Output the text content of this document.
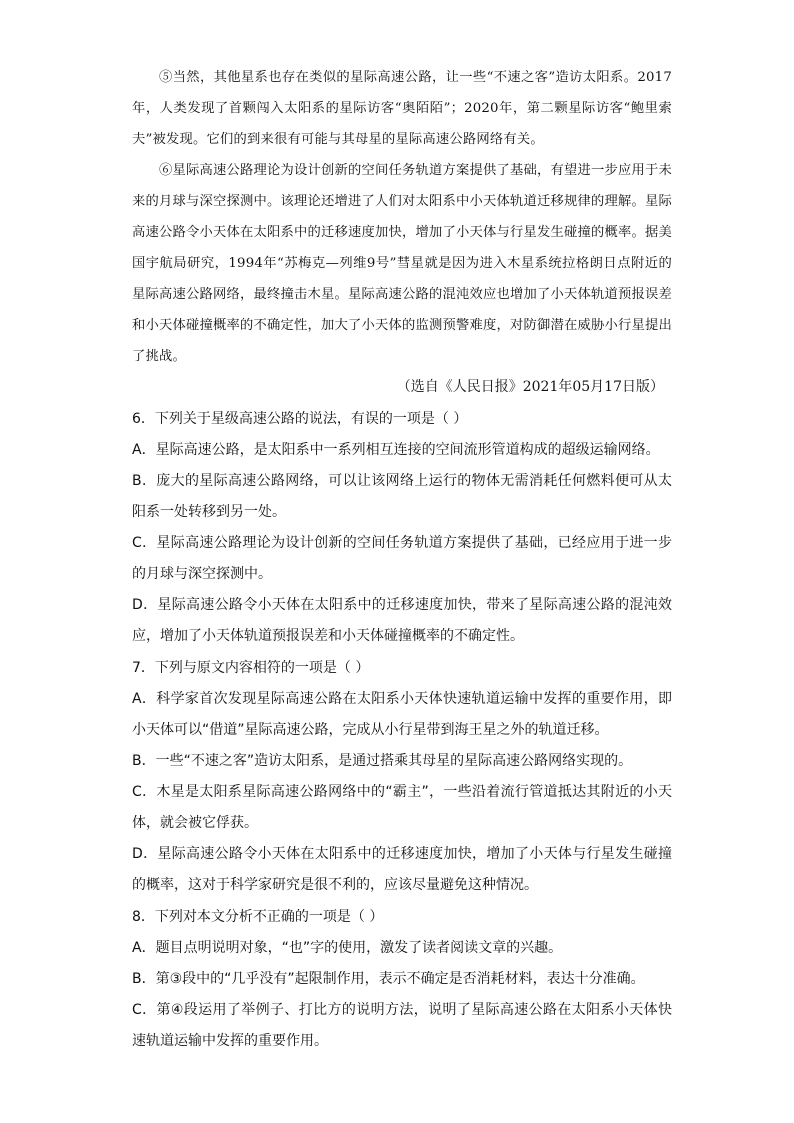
⑤当然，其他星系也存在类似的星际高速公路，让一些“不速之客”造访太阳系。2017年，人类发现了首颗闯入太阳系的星际访客“奥陌陌”；2020年，第二颗星际访客“鲍里索夫”被发现。它们的到来很有可能与其母星的星际高速公路网络有关。

⑥星际高速公路理论为设计创新的空间任务轨道方案提供了基础，有望进一步应用于未来的月球与深空探测中。该理论还增进了人们对太阳系中小天体轨道迁移规律的理解。星际高速公路令小天体在太阳系中的迁移速度加快，增加了小天体与行星发生碰撞的概率。据美国宇航局研究，1994年“苏梅克—列维9号”彗星就是因为进入木星系统拉格朗日点附近的星际高速公路网络，最终撞击木星。星际高速公路的混沌效应也增加了小天体轨道预报误差和小天体碰撞概率的不确定性，加大了小天体的监测预警难度，对防御潜在威胁小行星提出了挑战。

（选自《人民日报》2021年05月17日版）

6．下列关于星级高速公路的说法，有误的一项是（ ）

A．星际高速公路，是太阳系中一系列相互连接的空间流形管道构成的超级运输网络。

B．庞大的星际高速公路网络，可以让该网络上运行的物体无需消耗任何燃料便可从太阳系一处转移到另一处。

C．星际高速公路理论为设计创新的空间任务轨道方案提供了基础，已经应用于进一步的月球与深空探测中。

D．星际高速公路令小天体在太阳系中的迁移速度加快，带来了星际高速公路的混沌效应，增加了小天体轨道预报误差和小天体碰撞概率的不确定性。

7．下列与原文内容相符的一项是（ ）

A．科学家首次发现星际高速公路在太阳系小天体快速轨道运输中发挥的重要作用，即小天体可以“借道”星际高速公路，完成从小行星带到海王星之外的轨道迁移。

B．一些“不速之客”造访太阳系，是通过搭乘其母星的星际高速公路网络实现的。

C．木星是太阳系星际高速公路网络中的“霸主”，一些沿着流行管道抵达其附近的小天体，就会被它俘获。

D．星际高速公路令小天体在太阳系中的迁移速度加快，增加了小天体与行星发生碰撞的概率，这对于科学家研究是很不利的，应该尽量避免这种情况。

8．下列对本文分析不正确的一项是（ ）

A．题目点明说明对象，“也”字的使用，激发了读者阅读文章的兴趣。

B．第③段中的“几乎没有”起限制作用，表示不确定是否消耗材料，表达十分准确。

C．第④段运用了举例子、打比方的说明方法，说明了星际高速公路在太阳系小天体快速轨道运输中发挥的重要作用。
